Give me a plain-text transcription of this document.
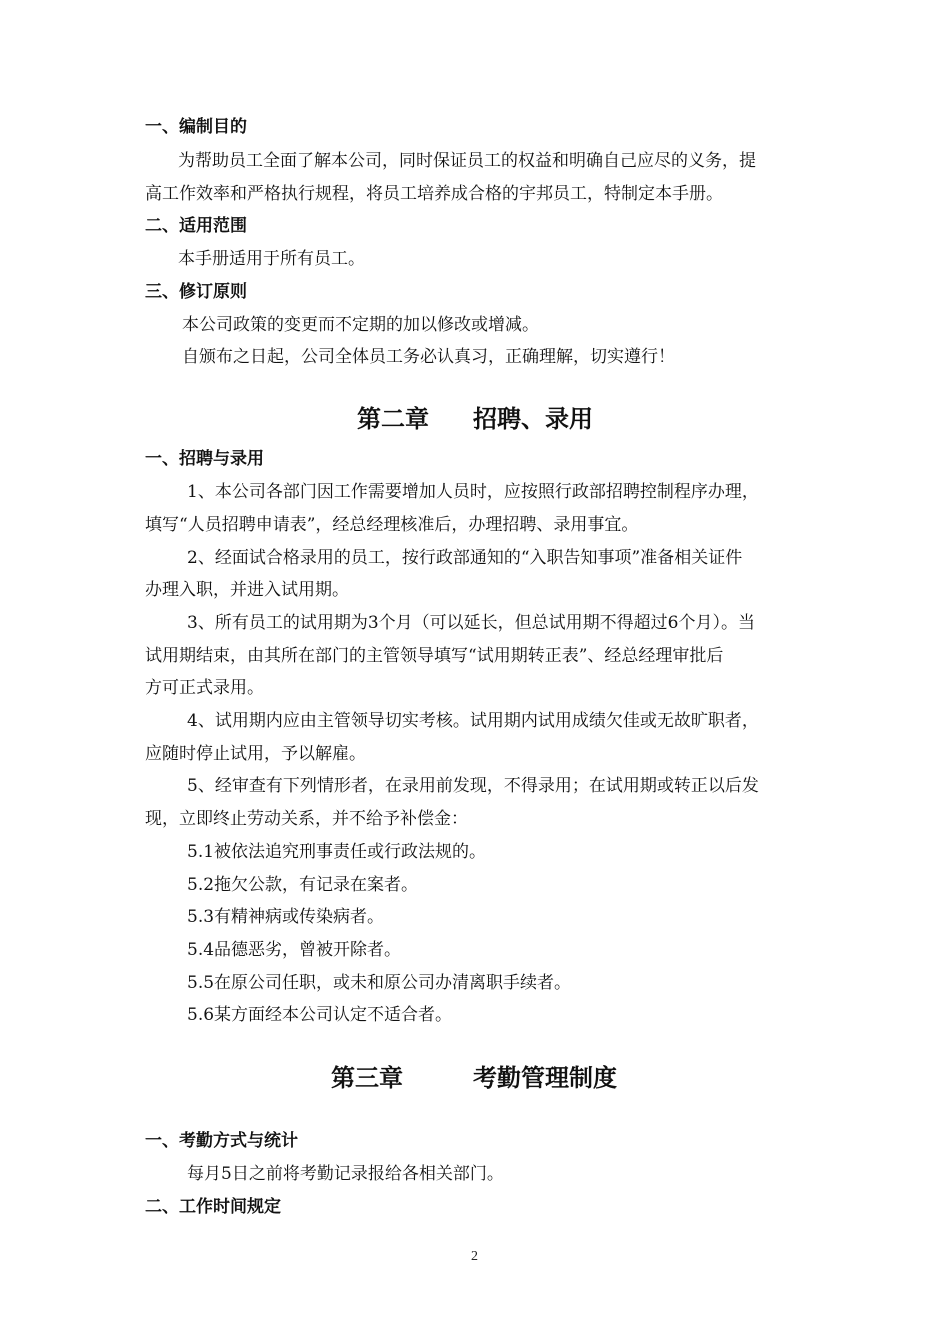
一、编制目的
为帮助员工全面了解本公司，同时保证员工的权益和明确自己应尽的义务，提
高工作效率和严格执行规程，将员工培养成合格的宇邦员工，特制定本手册。
二、适用范围
本手册适用于所有员工。
三、修订原则
本公司政策的变更而不定期的加以修改或增减。
自颁布之日起，公司全体员工务必认真习，正确理解，切实遵行！
第二章 招聘、录用
一、招聘与录用
1、本公司各部门因工作需要增加人员时，应按照行政部招聘控制程序办理，
填写“人员招聘申请表”，经总经理核准后，办理招聘、录用事宜。
2、经面试合格录用的员工，按行政部通知的“入职告知事项”准备相关证件
办理入职，并进入试用期。
3、所有员工的试用期为3个月（可以延长，但总试用期不得超过6个月）。当
试用期结束，由其所在部门的主管领导填写“试用期转正表”、经总经理审批后
方可正式录用。
4、试用期内应由主管领导切实考核。试用期内试用成绩欠佳或无故旷职者，
应随时停止试用，予以解雇。
5、经审查有下列情形者，在录用前发现，不得录用；在试用期或转正以后发
现，立即终止劳动关系，并不给予补偿金：
5.1被依法追究刑事责任或行政法规的。
5.2拖欠公款，有记录在案者。
5.3有精神病或传染病者。
5.4品德恶劣，曾被开除者。
5.5在原公司任职，或未和原公司办清离职手续者。
5.6某方面经本公司认定不适合者。
第三章	考勤管理制度
一、考勤方式与统计
每月5日之前将考勤记录报给各相关部门。
二、工作时间规定
2
